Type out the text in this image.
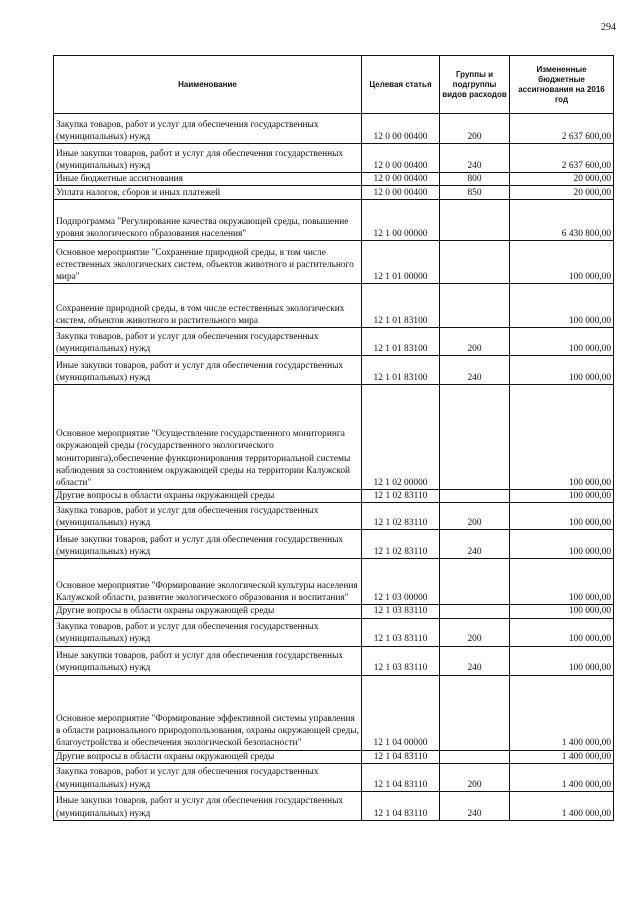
294
Наименование	Целевая статья	Группы и подгруппы видов расходов	Измененные бюджетные ассигнования на 2016 год
Закупка товаров, работ и услуг для обеспечения государственных (муниципальных) нужд	12 0 00 00400	200	2 637 600,00
Иные закупки товаров, работ и услуг для обеспечения государственных (муниципальных) нужд	12 0 00 00400	240	2 637 600,00
Иные бюджетные ассигнования	12 0 00 00400	800	20 000,00
Уплата налогов, сборов и иных платежей	12 0 00 00400	850	20 000,00
Подпрограмма "Регулирование качества окружающей среды, повышение уровня экологического образования населения"	12 1 00 00000		6 430 800,00
Основное мероприятие "Сохранение природной среды, в том числе естественных экологических систем, объектов животного и растительного мира"	12 1 01 00000		100 000,00
Сохранение природной среды, в том числе естественных экологических систем, объектов животного и растительного мира	12 1 01 83100		100 000,00
Закупка товаров, работ и услуг для обеспечения государственных (муниципальных) нужд	12 1 01 83100	200	100 000,00
Иные закупки товаров, работ и услуг для обеспечения государственных (муниципальных) нужд	12 1 01 83100	240	100 000,00
Основное мероприятие "Осуществление государственного мониторинга окружающей среды (государственного экологического мониторинга),обеспечение функционирования территориальной системы наблюдения за состоянием окружающей среды на территории Калужской области"	12 1 02 00000		100 000,00
Другие вопросы в области охраны окружающей среды	12 1 02 83110		100 000,00
Закупка товаров, работ и услуг для обеспечения государственных (муниципальных) нужд	12 1 02 83110	200	100 000,00
Иные закупки товаров, работ и услуг для обеспечения государственных (муниципальных) нужд	12 1 02 83110	240	100 000,00
Основное мероприятие "Формирование экологической культуры населения Калужской области, развитие экологического образования и воспитания"	12 1 03 00000		100 000,00
Другие вопросы в области охраны окружающей среды	12 1 03 83110		100 000,00
Закупка товаров, работ и услуг для обеспечения государственных (муниципальных) нужд	12 1 03 83110	200	100 000,00
Иные закупки товаров, работ и услуг для обеспечения государственных (муниципальных) нужд	12 1 03 83110	240	100 000,00
Основное мероприятие "Формирование эффективной системы управления в области рационального природопользования, охраны окружающей среды, благоустройства и обеспечения экологической безопасности"	12 1 04 00000		1 400 000,00
Другие вопросы в области охраны окружающей среды	12 1 04 83110		1 400 000,00
Закупка товаров, работ и услуг для обеспечения государственных (муниципальных) нужд	12 1 04 83110	200	1 400 000,00
Иные закупки товаров, работ и услуг для обеспечения государственных (муниципальных) нужд	12 1 04 83110	240	1 400 000,00
